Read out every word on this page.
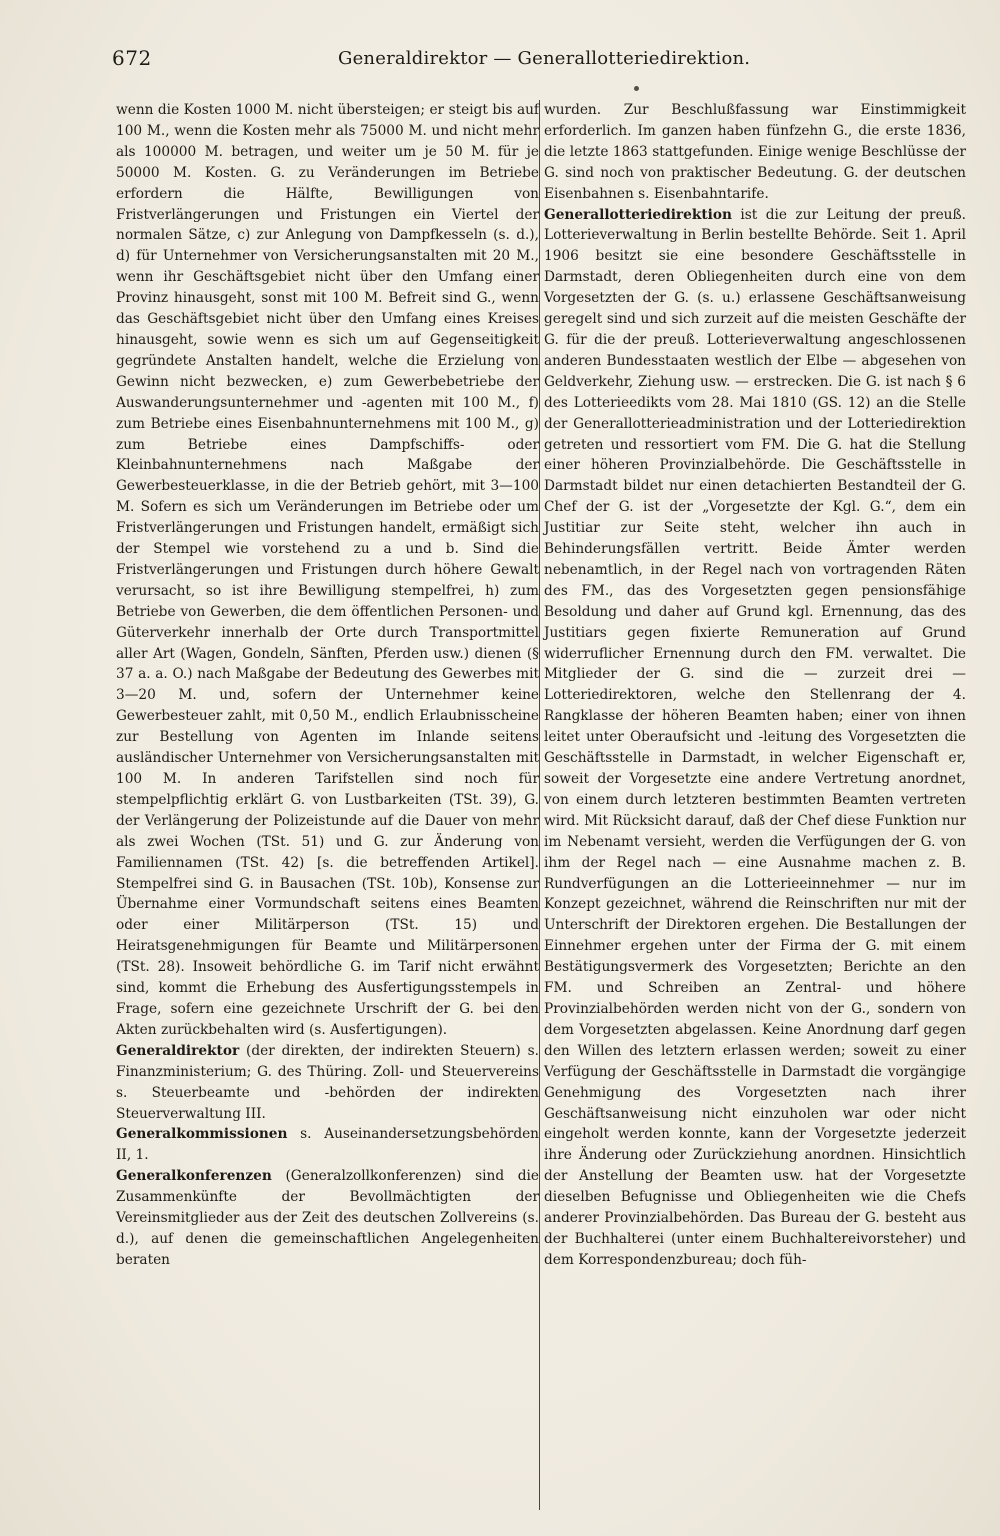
672	Generaldirektor — Generallotteriedirektion.

wenn die Kosten 1000 M. nicht übersteigen; er steigt bis auf 100 M., wenn die Kosten mehr als 75000 M. und nicht mehr als 100000 M. betragen, und weiter um je 50 M. für je 50000 M. Kosten. G. zu Veränderungen im Betriebe erfordern die Hälfte, Bewilligungen von Fristverlängerungen und Fristungen ein Viertel der normalen Sätze, c) zur Anlegung von Dampfkesseln (s. d.), d) für Unternehmer von Versicherungsanstalten mit 20 M., wenn ihr Geschäftsgebiet nicht über den Umfang einer Provinz hinausgeht, sonst mit 100 M. Befreit sind G., wenn das Geschäftsgebiet nicht über den Umfang eines Kreises hinausgeht, sowie wenn es sich um auf Gegenseitigkeit gegründete Anstalten handelt, welche die Erzielung von Gewinn nicht bezwecken, e) zum Gewerbebetriebe der Auswanderungsunternehmer und -agenten mit 100 M., f) zum Betriebe eines Eisenbahnunternehmens mit 100 M., g) zum Betriebe eines Dampfschiffs- oder Kleinbahnunternehmens nach Maßgabe der Gewerbesteuerklasse, in die der Betrieb gehört, mit 3—100 M. Sofern es sich um Veränderungen im Betriebe oder um Fristverlängerungen und Fristungen handelt, ermäßigt sich der Stempel wie vorstehend zu a und b. Sind die Fristverlängerungen und Fristungen durch höhere Gewalt verursacht, so ist ihre Bewilligung stempelfrei, h) zum Betriebe von Gewerben, die dem öffentlichen Personen- und Güterverkehr innerhalb der Orte durch Transportmittel aller Art (Wagen, Gondeln, Sänften, Pferden usw.) dienen (§ 37 a. a. O.) nach Maßgabe der Bedeutung des Gewerbes mit 3—20 M. und, sofern der Unternehmer keine Gewerbesteuer zahlt, mit 0,50 M., endlich Erlaubnisscheine zur Bestellung von Agenten im Inlande seitens ausländischer Unternehmer von Versicherungsanstalten mit 100 M. In anderen Tarifstellen sind noch für stempelpflichtig erklärt G. von Lustbarkeiten (TSt. 39), G. der Verlängerung der Polizeistunde auf die Dauer von mehr als zwei Wochen (TSt. 51) und G. zur Änderung von Familiennamen (TSt. 42) [s. die betreffenden Artikel]. Stempelfrei sind G. in Bausachen (TSt. 10b), Konsense zur Übernahme einer Vormundschaft seitens eines Beamten oder einer Militärperson (TSt. 15) und Heiratsgenehmigungen für Beamte und Militärpersonen (TSt. 28). Insoweit behördliche G. im Tarif nicht erwähnt sind, kommt die Erhebung des Ausfertigungsstempels in Frage, sofern eine gezeichnete Urschrift der G. bei den Akten zurückbehalten wird (s. Ausfertigungen).

Generaldirektor (der direkten, der indirekten Steuern) s. Finanzministerium; G. des Thüring. Zoll- und Steuervereins s. Steuerbeamte und -behörden der indirekten Steuerverwaltung III.

Generalkommissionen s. Auseinandersetzungsbehörden II, 1.

Generalkonferenzen (Generalzollkonferenzen) sind die Zusammenkünfte der Bevollmächtigten der Vereinsmitglieder aus der Zeit des deutschen Zollvereins (s. d.), auf denen die gemeinschaftlichen Angelegenheiten beraten

wurden. Zur Beschlußfassung war Einstimmigkeit erforderlich. Im ganzen haben fünfzehn G., die erste 1836, die letzte 1863 stattgefunden. Einige wenige Beschlüsse der G. sind noch von praktischer Bedeutung. G. der deutschen Eisenbahnen s. Eisenbahntarife.

Generallotteriedirektion ist die zur Leitung der preuß. Lotterieverwaltung in Berlin bestellte Behörde. Seit 1. April 1906 besitzt sie eine besondere Geschäftsstelle in Darmstadt, deren Obliegenheiten durch eine von dem Vorgesetzten der G. (s. u.) erlassene Geschäftsanweisung geregelt sind und sich zurzeit auf die meisten Geschäfte der G. für die der preuß. Lotterieverwaltung angeschlossenen anderen Bundesstaaten westlich der Elbe — abgesehen von Geldverkehr, Ziehung usw. — erstrecken. Die G. ist nach § 6 des Lotterieedikts vom 28. Mai 1810 (GS. 12) an die Stelle der Generallotterieadministration und der Lotteriedirektion getreten und ressortiert vom FM. Die G. hat die Stellung einer höheren Provinzialbehörde. Die Geschäftsstelle in Darmstadt bildet nur einen detachierten Bestandteil der G. Chef der G. ist der „Vorgesetzte der Kgl. G.“, dem ein Justitiar zur Seite steht, welcher ihn auch in Behinderungsfällen vertritt. Beide Ämter werden nebenamtlich, in der Regel nach von vortragenden Räten des FM., das des Vorgesetzten gegen pensionsfähige Besoldung und daher auf Grund kgl. Ernennung, das des Justitiars gegen fixierte Remuneration auf Grund widerruflicher Ernennung durch den FM. verwaltet. Die Mitglieder der G. sind die — zurzeit drei — Lotteriedirektoren, welche den Stellenrang der 4. Rangklasse der höheren Beamten haben; einer von ihnen leitet unter Oberaufsicht und -leitung des Vorgesetzten die Geschäftsstelle in Darmstadt, in welcher Eigenschaft er, soweit der Vorgesetzte eine andere Vertretung anordnet, von einem durch letzteren bestimmten Beamten vertreten wird. Mit Rücksicht darauf, daß der Chef diese Funktion nur im Nebenamt versieht, werden die Verfügungen der G. von ihm der Regel nach — eine Ausnahme machen z. B. Rundverfügungen an die Lotterieeinnehmer — nur im Konzept gezeichnet, während die Reinschriften nur mit der Unterschrift der Direktoren ergehen. Die Bestallungen der Einnehmer ergehen unter der Firma der G. mit einem Bestätigungsvermerk des Vorgesetzten; Berichte an den FM. und Schreiben an Zentral- und höhere Provinzialbehörden werden nicht von der G., sondern von dem Vorgesetzten abgelassen. Keine Anordnung darf gegen den Willen des letztern erlassen werden; soweit zu einer Verfügung der Geschäftsstelle in Darmstadt die vorgängige Genehmigung des Vorgesetzten nach ihrer Geschäftsanweisung nicht einzuholen war oder nicht eingeholt werden konnte, kann der Vorgesetzte jederzeit ihre Änderung oder Zurückziehung anordnen. Hinsichtlich der Anstellung der Beamten usw. hat der Vorgesetzte dieselben Befugnisse und Obliegenheiten wie die Chefs anderer Provinzialbehörden. Das Bureau der G. besteht aus der Buchhalterei (unter einem Buchhaltereivorsteher) und dem Korrespondenzbureau; doch füh-
